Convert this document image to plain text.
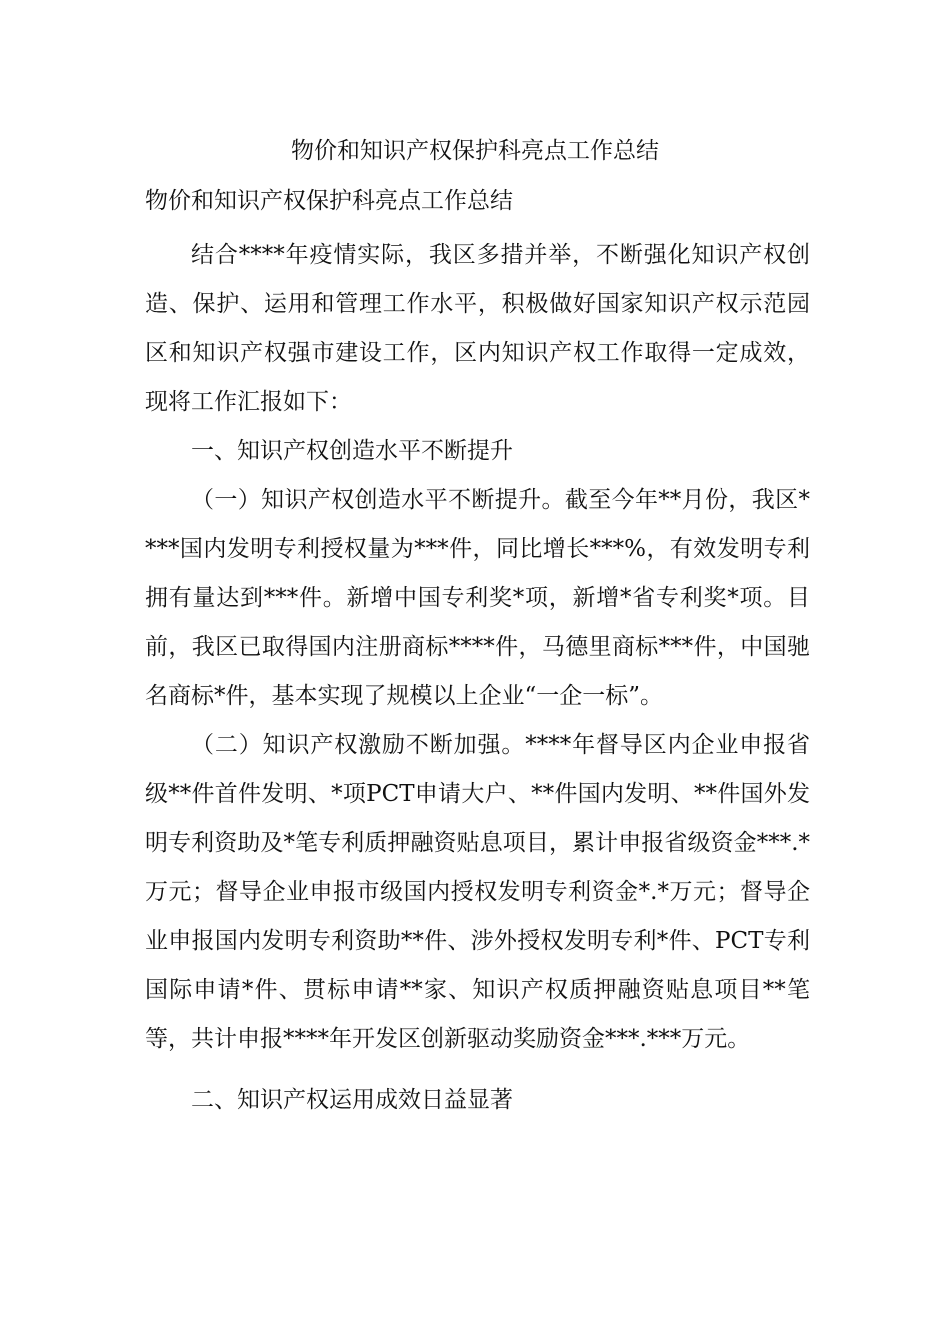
物价和知识产权保护科亮点工作总结
物价和知识产权保护科亮点工作总结

结合****年疫情实际，我区多措并举，不断强化知识产权创造、保护、运用和管理工作水平，积极做好国家知识产权示范园区和知识产权强市建设工作，区内知识产权工作取得一定成效，现将工作汇报如下：

一、知识产权创造水平不断提升

（一）知识产权创造水平不断提升。截至今年**月份，我区****国内发明专利授权量为***件，同比增长***%，有效发明专利拥有量达到***件。新增中国专利奖*项，新增*省专利奖*项。目前，我区已取得国内注册商标****件，马德里商标***件，中国驰名商标*件，基本实现了规模以上企业“一企一标”。

（二）知识产权激励不断加强。****年督导区内企业申报省级**件首件发明、*项PCT申请大户、**件国内发明、**件国外发明专利资助及*笔专利质押融资贴息项目，累计申报省级资金***.*万元；督导企业申报市级国内授权发明专利资金*.*万元；督导企业申报国内发明专利资助**件、涉外授权发明专利*件、PCT专利国际申请*件、贯标申请**家、知识产权质押融资贴息项目**笔等，共计申报****年开发区创新驱动奖励资金***.***万元。

二、知识产权运用成效日益显著
